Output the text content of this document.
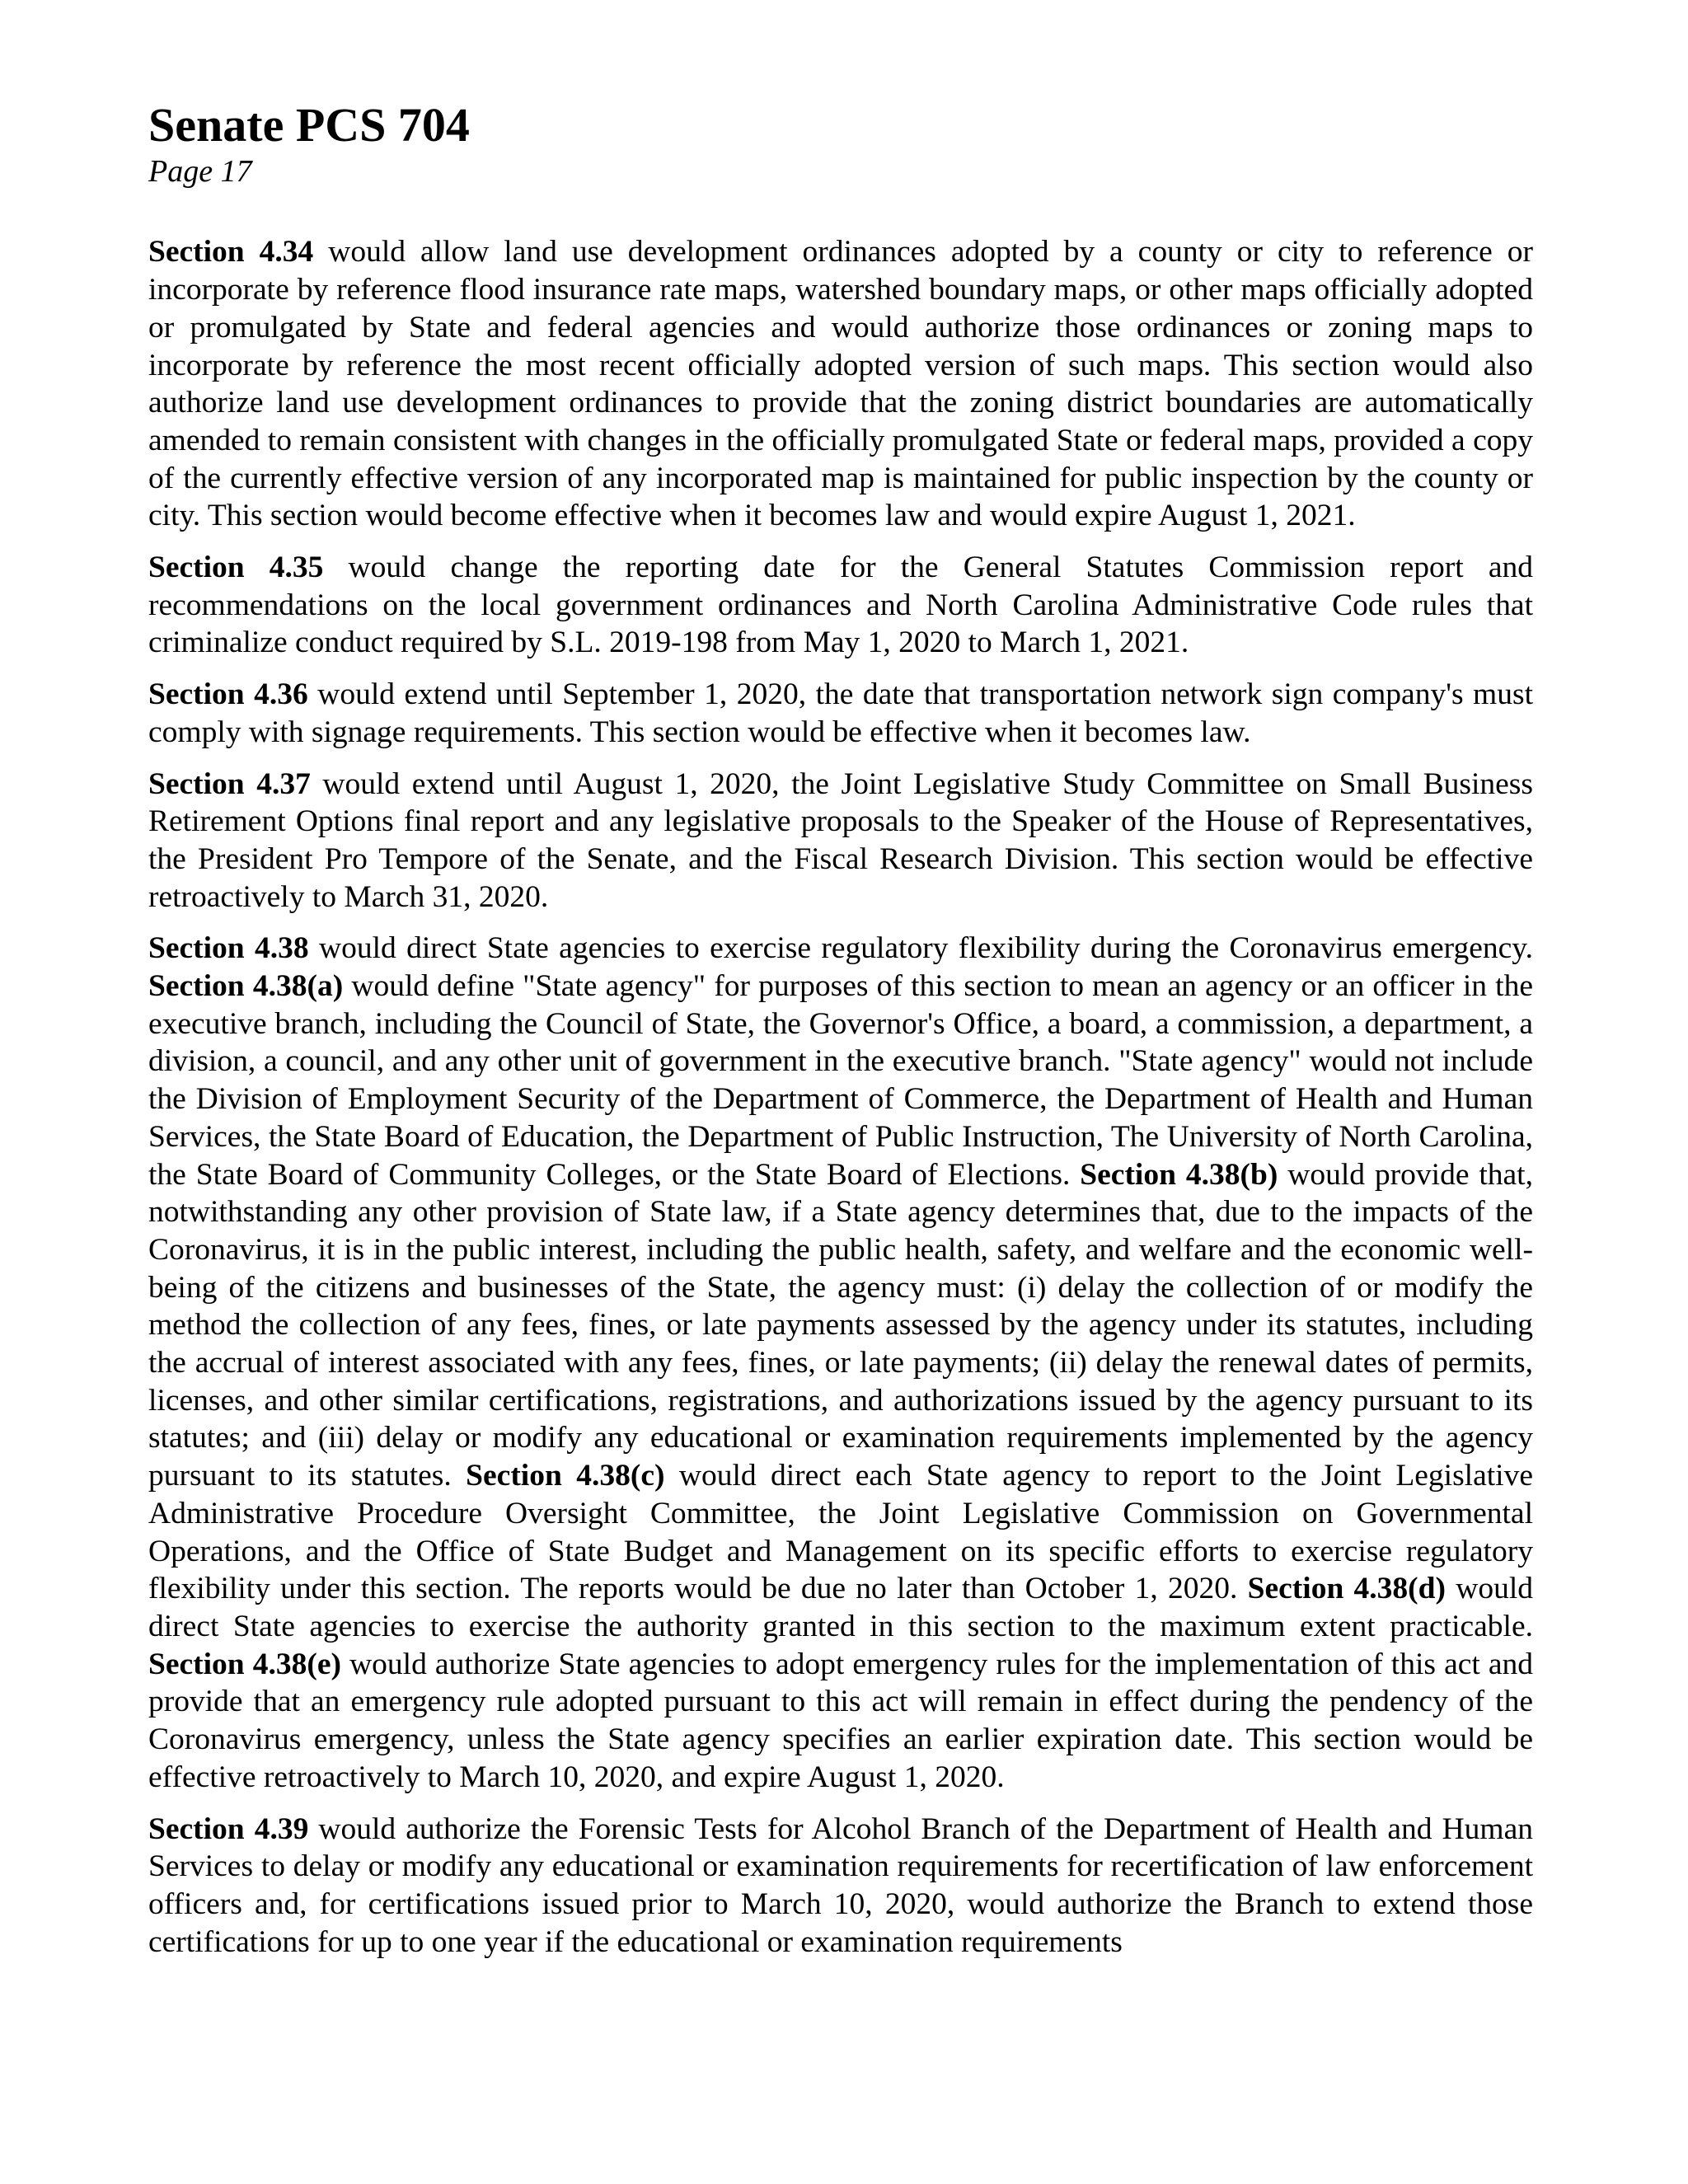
Senate PCS 704
Page 17

Section 4.34 would allow land use development ordinances adopted by a county or city to reference or incorporate by reference flood insurance rate maps, watershed boundary maps, or other maps officially adopted or promulgated by State and federal agencies and would authorize those ordinances or zoning maps to incorporate by reference the most recent officially adopted version of such maps. This section would also authorize land use development ordinances to provide that the zoning district boundaries are automatically amended to remain consistent with changes in the officially promulgated State or federal maps, provided a copy of the currently effective version of any incorporated map is maintained for public inspection by the county or city. This section would become effective when it becomes law and would expire August 1, 2021.

Section 4.35 would change the reporting date for the General Statutes Commission report and recommendations on the local government ordinances and North Carolina Administrative Code rules that criminalize conduct required by S.L. 2019-198 from May 1, 2020 to March 1, 2021.

Section 4.36 would extend until September 1, 2020, the date that transportation network sign company's must comply with signage requirements. This section would be effective when it becomes law.

Section 4.37 would extend until August 1, 2020, the Joint Legislative Study Committee on Small Business Retirement Options final report and any legislative proposals to the Speaker of the House of Representatives, the President Pro Tempore of the Senate, and the Fiscal Research Division. This section would be effective retroactively to March 31, 2020.

Section 4.38 would direct State agencies to exercise regulatory flexibility during the Coronavirus emergency. Section 4.38(a) would define "State agency" for purposes of this section to mean an agency or an officer in the executive branch, including the Council of State, the Governor's Office, a board, a commission, a department, a division, a council, and any other unit of government in the executive branch. "State agency" would not include the Division of Employment Security of the Department of Commerce, the Department of Health and Human Services, the State Board of Education, the Department of Public Instruction, The University of North Carolina, the State Board of Community Colleges, or the State Board of Elections. Section 4.38(b) would provide that, notwithstanding any other provision of State law, if a State agency determines that, due to the impacts of the Coronavirus, it is in the public interest, including the public health, safety, and welfare and the economic well-being of the citizens and businesses of the State, the agency must: (i) delay the collection of or modify the method the collection of any fees, fines, or late payments assessed by the agency under its statutes, including the accrual of interest associated with any fees, fines, or late payments; (ii) delay the renewal dates of permits, licenses, and other similar certifications, registrations, and authorizations issued by the agency pursuant to its statutes; and (iii) delay or modify any educational or examination requirements implemented by the agency pursuant to its statutes. Section 4.38(c) would direct each State agency to report to the Joint Legislative Administrative Procedure Oversight Committee, the Joint Legislative Commission on Governmental Operations, and the Office of State Budget and Management on its specific efforts to exercise regulatory flexibility under this section. The reports would be due no later than October 1, 2020. Section 4.38(d) would direct State agencies to exercise the authority granted in this section to the maximum extent practicable. Section 4.38(e) would authorize State agencies to adopt emergency rules for the implementation of this act and provide that an emergency rule adopted pursuant to this act will remain in effect during the pendency of the Coronavirus emergency, unless the State agency specifies an earlier expiration date. This section would be effective retroactively to March 10, 2020, and expire August 1, 2020.

Section 4.39 would authorize the Forensic Tests for Alcohol Branch of the Department of Health and Human Services to delay or modify any educational or examination requirements for recertification of law enforcement officers and, for certifications issued prior to March 10, 2020, would authorize the Branch to extend those certifications for up to one year if the educational or examination requirements
